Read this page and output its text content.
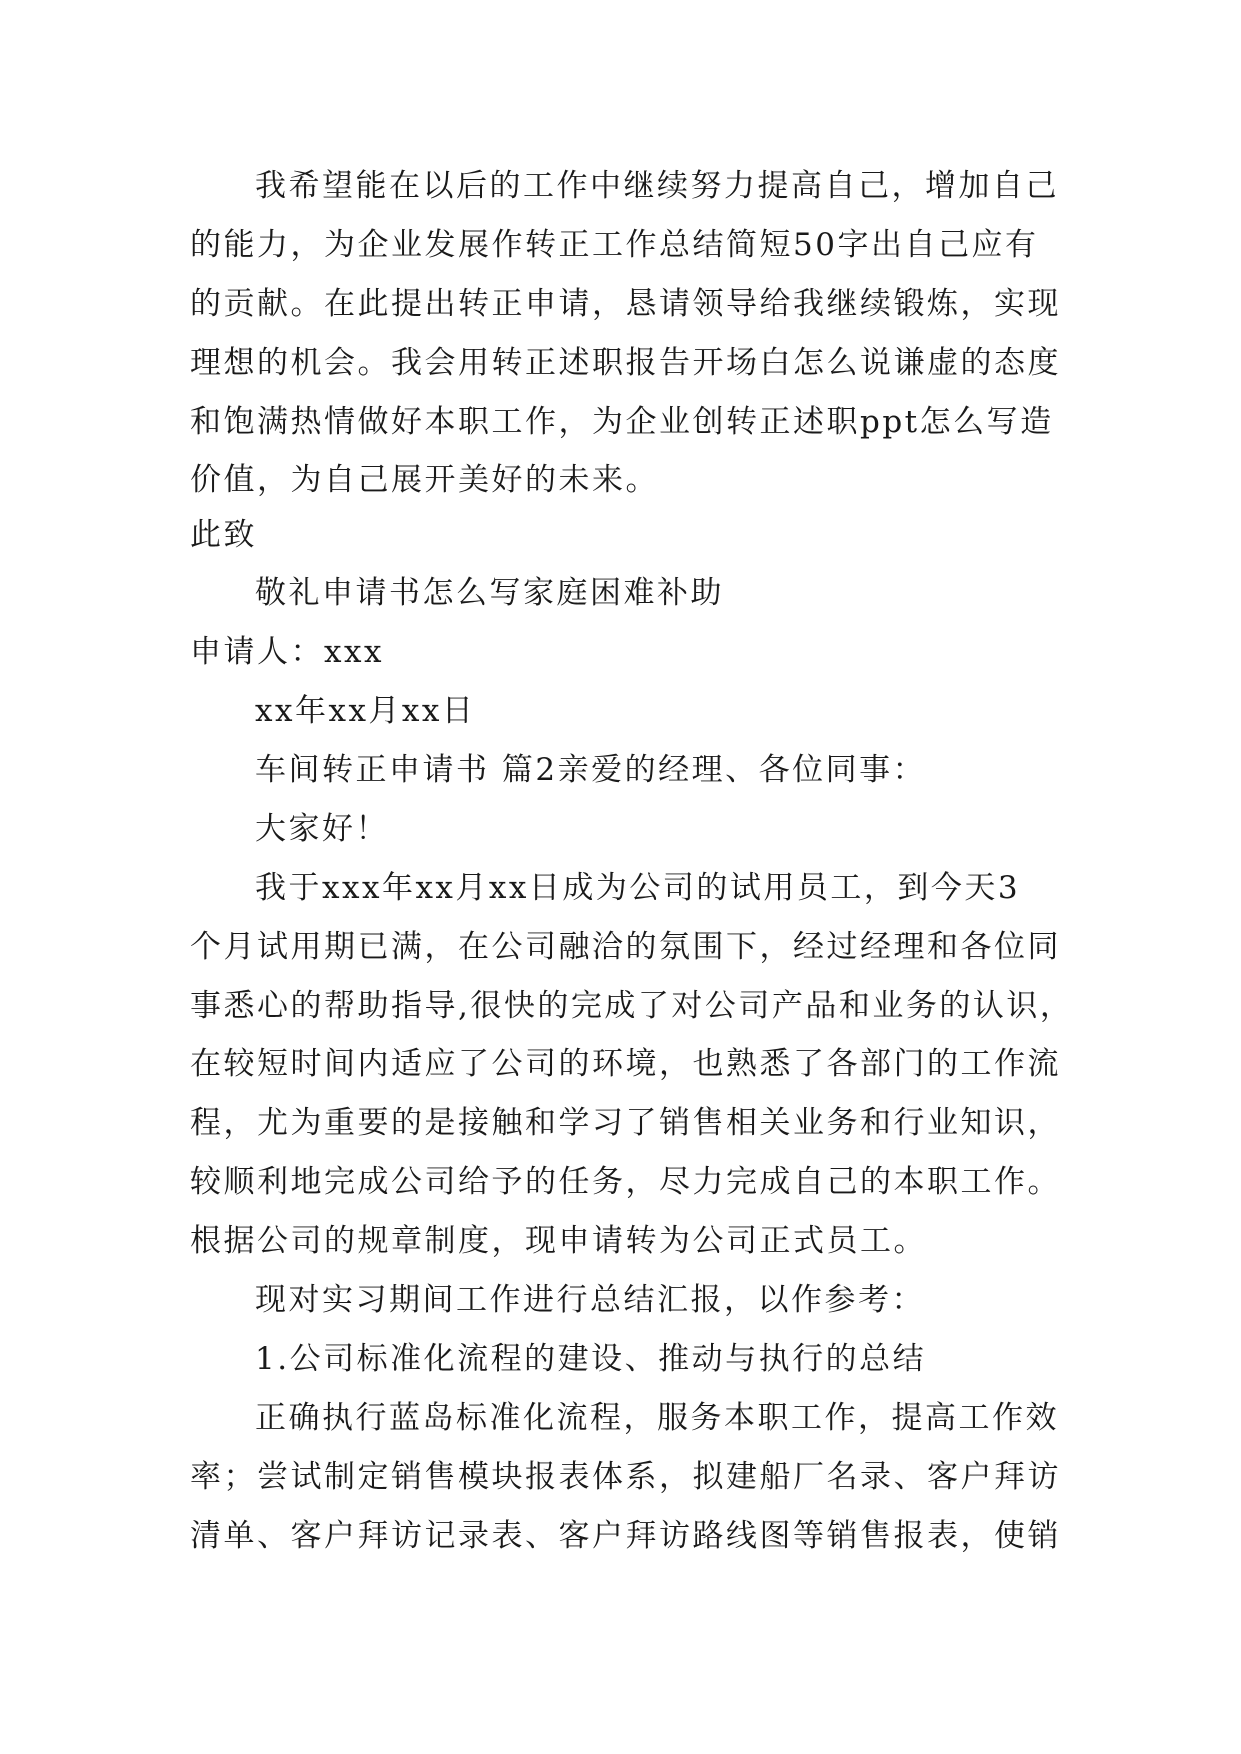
我希望能在以后的工作中继续努力提高自己，增加自己
的能力，为企业发展作转正工作总结简短50字出自己应有
的贡献。在此提出转正申请，恳请领导给我继续锻炼，实现
理想的机会。我会用转正述职报告开场白怎么说谦虚的态度
和饱满热情做好本职工作，为企业创转正述职ppt怎么写造
价值，为自己展开美好的未来。
此致
敬礼申请书怎么写家庭困难补助
申请人：xxx
xx年xx月xx日
车间转正申请书 篇2亲爱的经理、各位同事：
大家好！
我于xxx年xx月xx日成为公司的试用员工，到今天3
个月试用期已满，在公司融洽的氛围下，经过经理和各位同
事悉心的帮助指导,很快的完成了对公司产品和业务的认识，
在较短时间内适应了公司的环境，也熟悉了各部门的工作流
程，尤为重要的是接触和学习了销售相关业务和行业知识，
较顺利地完成公司给予的任务，尽力完成自己的本职工作。
根据公司的规章制度，现申请转为公司正式员工。
现对实习期间工作进行总结汇报，以作参考：
1.公司标准化流程的建设、推动与执行的总结
正确执行蓝岛标准化流程，服务本职工作，提高工作效
率；尝试制定销售模块报表体系，拟建船厂名录、客户拜访
清单、客户拜访记录表、客户拜访路线图等销售报表，使销
